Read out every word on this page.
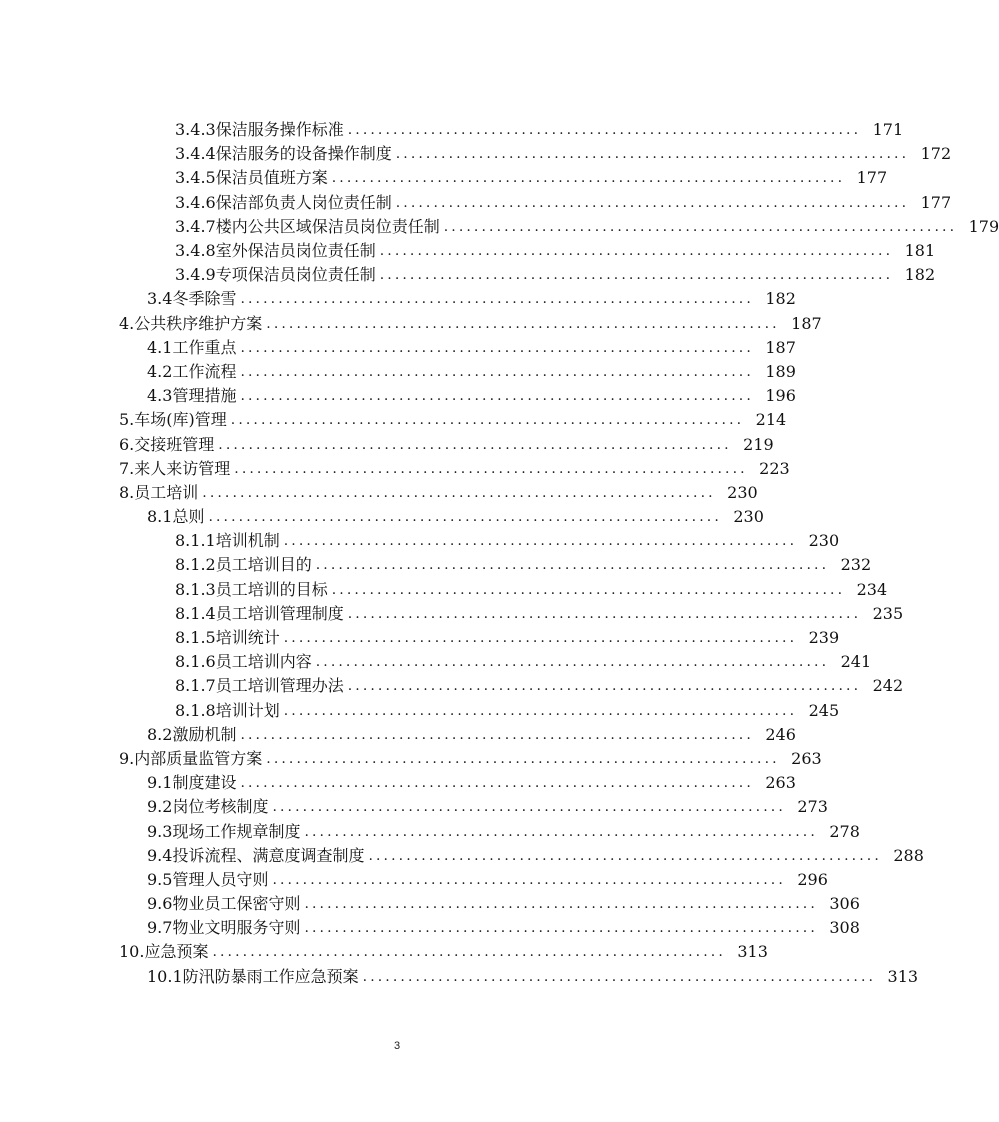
3.4.3保洁服务操作标准 .................................................................... 171
3.4.4保洁服务的设备操作制度 .................................................................... 172
3.4.5保洁员值班方案 .................................................................... 177
3.4.6保洁部负责人岗位责任制 .................................................................... 177
3.4.7楼内公共区域保洁员岗位责任制 .................................................................... 179
3.4.8室外保洁员岗位责任制 .................................................................... 181
3.4.9专项保洁员岗位责任制 .................................................................... 182
3.4冬季除雪 .................................................................... 182
4.公共秩序维护方案 .................................................................... 187
4.1工作重点 .................................................................... 187
4.2工作流程 .................................................................... 189
4.3管理措施 .................................................................... 196
5.车场(库)管理 .................................................................... 214
6.交接班管理 .................................................................... 219
7.来人来访管理 .................................................................... 223
8.员工培训 .................................................................... 230
8.1总则 .................................................................... 230
8.1.1培训机制 .................................................................... 230
8.1.2员工培训目的 .................................................................... 232
8.1.3员工培训的目标 .................................................................... 234
8.1.4员工培训管理制度 .................................................................... 235
8.1.5培训统计 .................................................................... 239
8.1.6员工培训内容 .................................................................... 241
8.1.7员工培训管理办法 .................................................................... 242
8.1.8培训计划 .................................................................... 245
8.2激励机制 .................................................................... 246
9.内部质量监管方案 .................................................................... 263
9.1制度建设 .................................................................... 263
9.2岗位考核制度 .................................................................... 273
9.3现场工作规章制度 .................................................................... 278
9.4投诉流程、满意度调查制度 .................................................................... 288
9.5管理人员守则 .................................................................... 296
9.6物业员工保密守则 .................................................................... 306
9.7物业文明服务守则 .................................................................... 308
10.应急预案 .................................................................... 313
10.1防汛防暴雨工作应急预案 .................................................................... 313
3
